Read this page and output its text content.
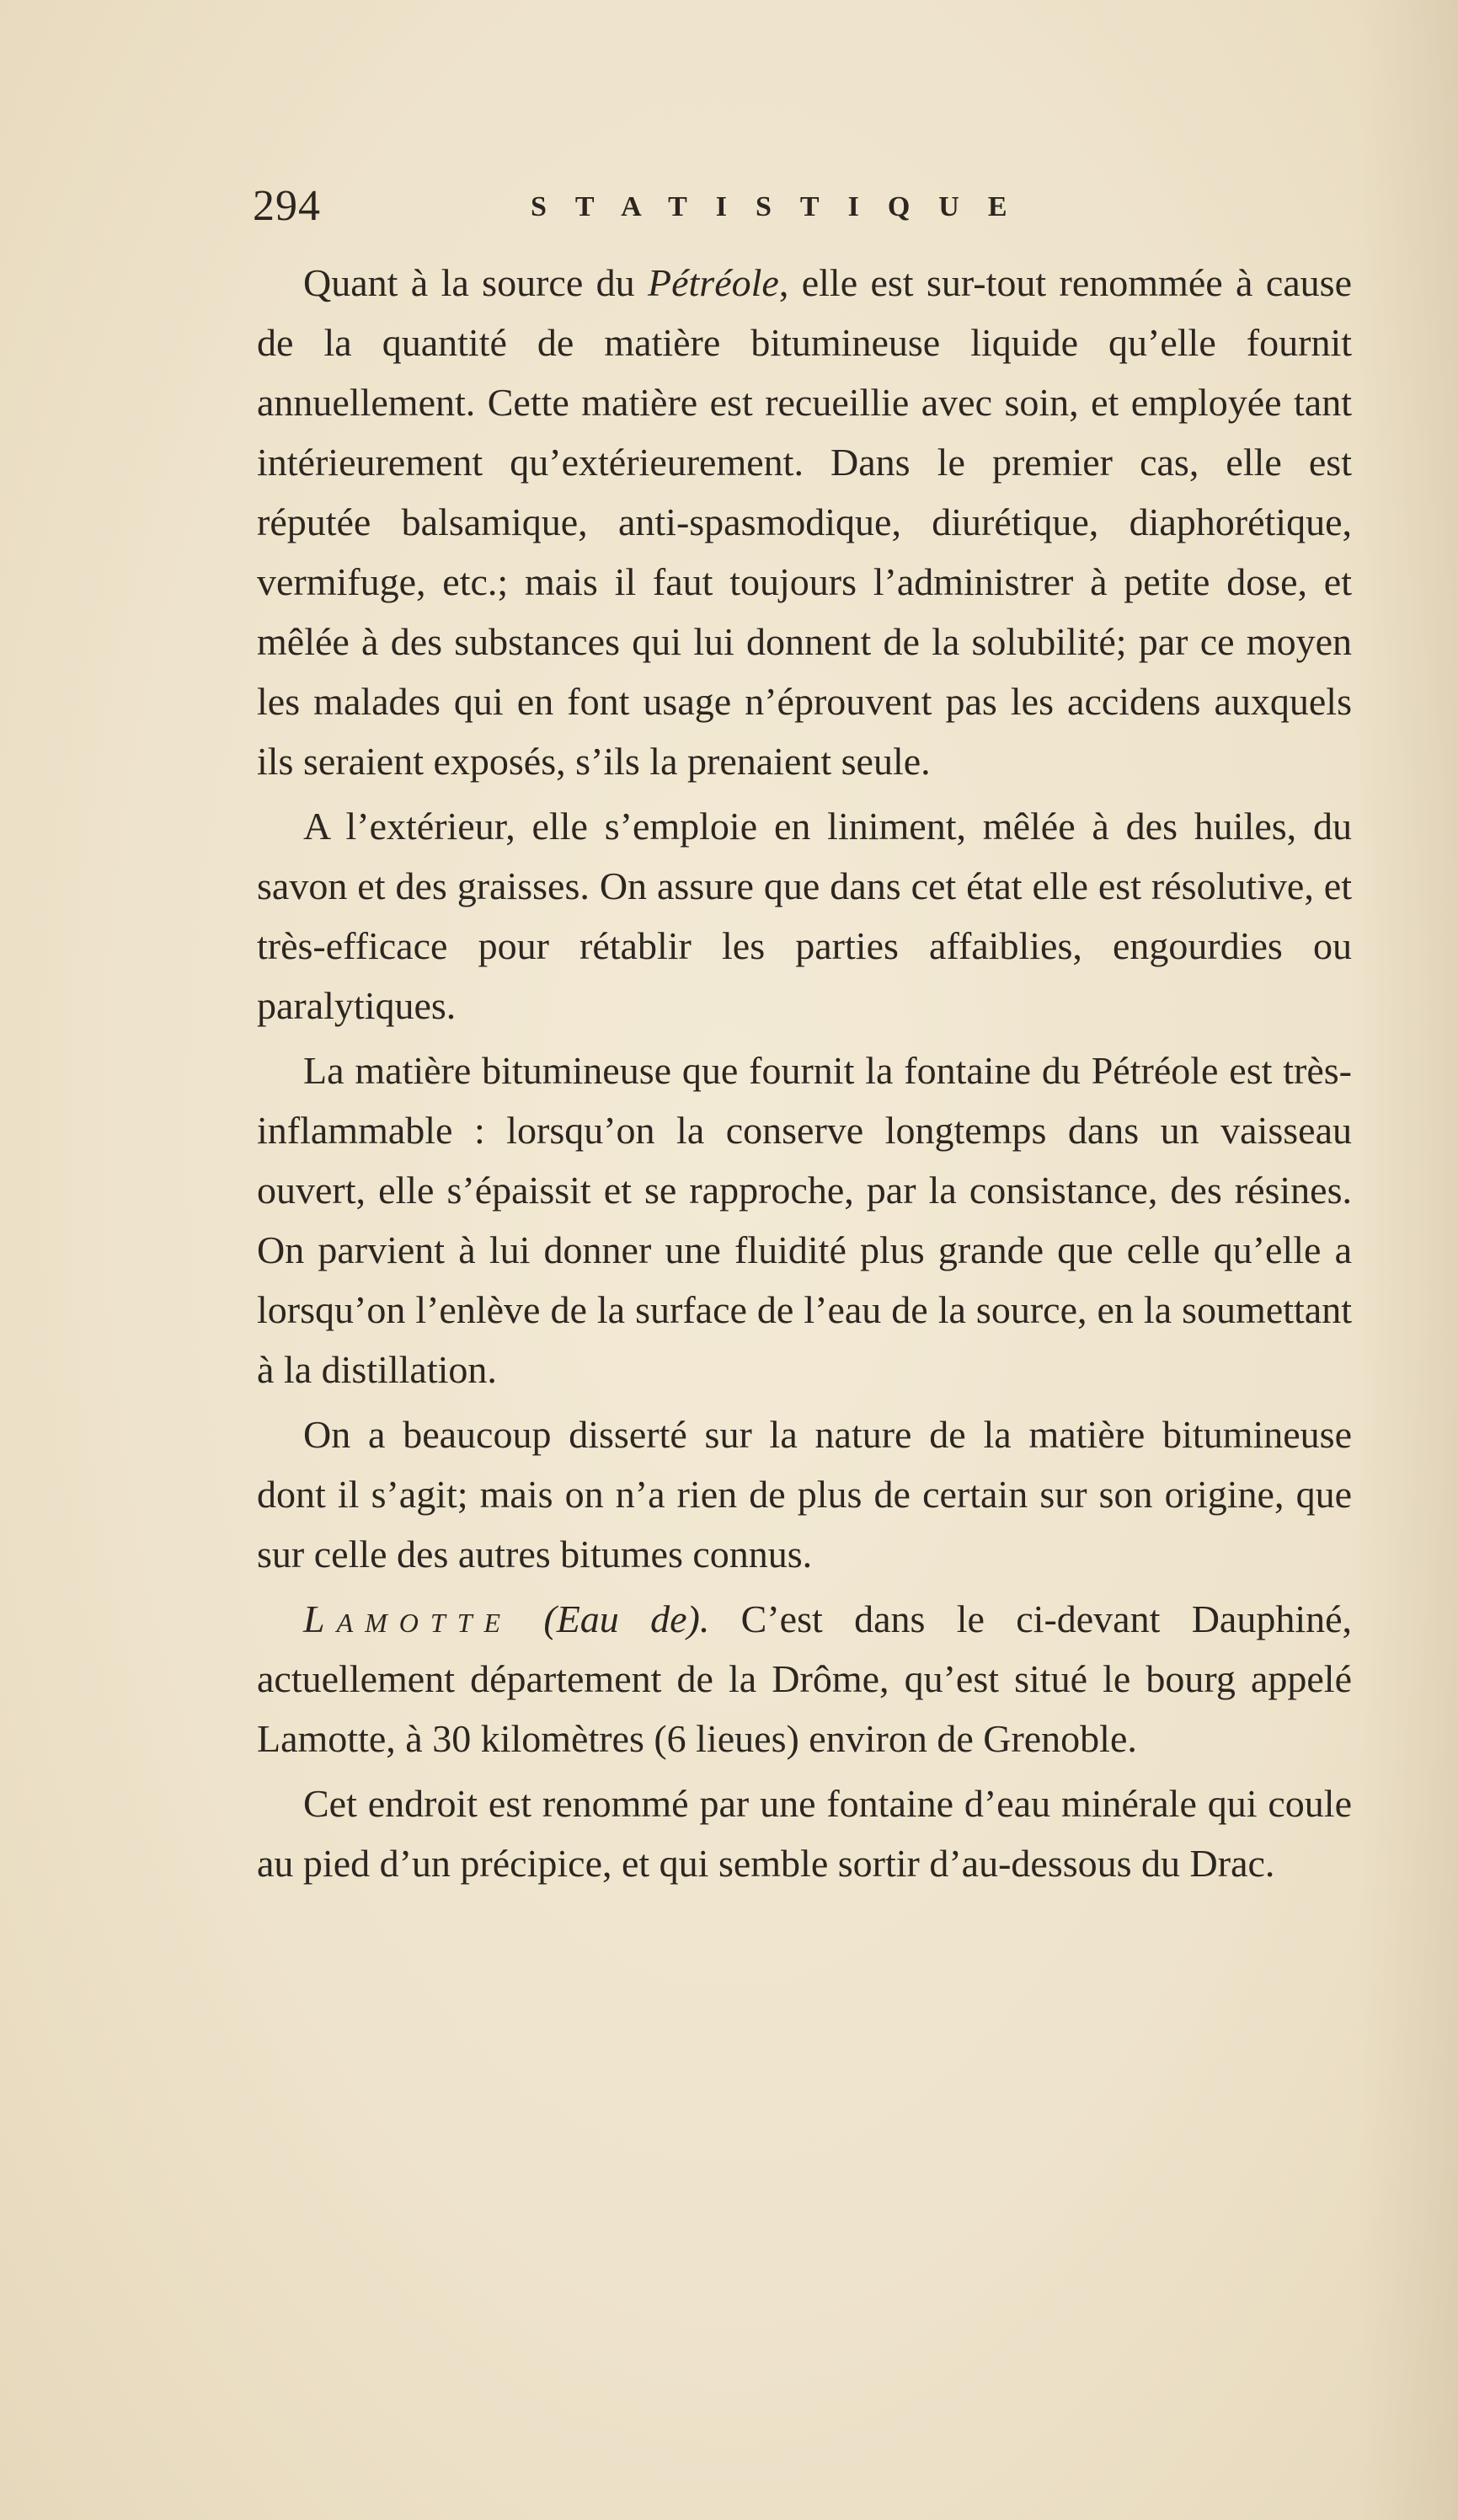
294	STATISTIQUE

Quant à la source du Pétréole, elle est sur-tout renommée à cause de la quantité de matière bitumineuse liquide qu’elle fournit annuellement. Cette matière est recueillie avec soin, et employée tant intérieurement qu’extérieurement. Dans le premier cas, elle est réputée balsamique, anti-spasmodique, diurétique, diaphorétique, vermifuge, etc.; mais il faut toujours l’administrer à petite dose, et mêlée à des substances qui lui donnent de la solubilité; par ce moyen les malades qui en font usage n’éprouvent pas les accidens auxquels ils seraient exposés, s’ils la prenaient seule.

A l’extérieur, elle s’emploie en liniment, mêlée à des huiles, du savon et des graisses. On assure que dans cet état elle est résolutive, et très-efficace pour rétablir les parties affaiblies, engourdies ou paralytiques.

La matière bitumineuse que fournit la fontaine du Pétréole est très-inflammable : lorsqu’on la conserve longtemps dans un vaisseau ouvert, elle s’épaissit et se rapproche, par la consistance, des résines. On parvient à lui donner une fluidité plus grande que celle qu’elle a lorsqu’on l’enlève de la surface de l’eau de la source, en la soumettant à la distillation.

On a beaucoup disserté sur la nature de la matière bitumineuse dont il s’agit; mais on n’a rien de plus de certain sur son origine, que sur celle des autres bitumes connus.

Lamotte (Eau de). C’est dans le ci-devant Dauphiné, actuellement département de la Drôme, qu’est situé le bourg appelé Lamotte, à 30 kilomètres (6 lieues) environ de Grenoble.

Cet endroit est renommé par une fontaine d’eau minérale qui coule au pied d’un précipice, et qui semble sortir d’au-dessous du Drac.
